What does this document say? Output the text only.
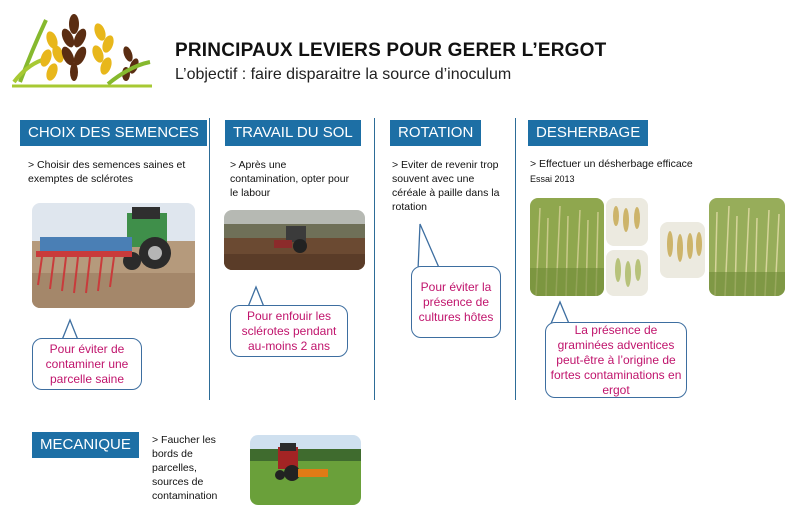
PRINCIPAUX LEVIERS POUR GERER L’ERGOT
L’objectif : faire disparaitre la source d’inoculum
CHOIX DES SEMENCES
> Choisir des semences saines et exemptes de sclérotes
Pour éviter de contaminer une parcelle saine
TRAVAIL DU SOL
> Après une contamination, opter pour le labour
Pour enfouir les sclérotes pendant au-moins 2 ans
ROTATION
> Eviter de revenir trop souvent avec une céréale à paille dans la rotation
Pour éviter la présence de cultures hôtes
DESHERBAGE
> Effectuer un désherbage efficace
Essai 2013
La présence de graminées adventices peut-être à l’origine de fortes contaminations en ergot
MECANIQUE	> Faucher les bords de parcelles, sources de contamination
